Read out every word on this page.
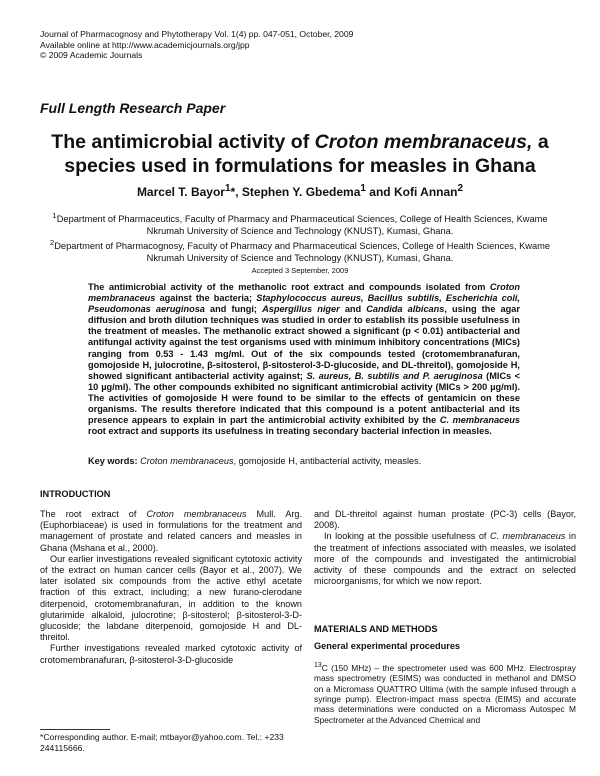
Journal of Pharmacognosy and Phytotherapy Vol. 1(4) pp. 047-051, October, 2009
Available online at http://www.academicjournals.org/jpp
© 2009 Academic Journals
Full Length Research Paper
The antimicrobial activity of Croton membranaceus, a species used in formulations for measles in Ghana
Marcel T. Bayor$^1$*, Stephen Y. Gbedema$^1$ and Kofi Annan$^2$

$^1$Department of Pharmaceutics, Faculty of Pharmacy and Pharmaceutical Sciences, College of Health Sciences, Kwame Nkrumah University of Science and Technology (KNUST), Kumasi, Ghana.

$^2$Department of Pharmacognosy, Faculty of Pharmacy and Pharmaceutical Sciences, College of Health Sciences, Kwame Nkrumah University of Science and Technology (KNUST), Kumasi, Ghana.

Accepted 3 September, 2009
The antimicrobial activity of the methanolic root extract and compounds isolated from Croton membranaceus against the bacteria; Staphylococcus aureus, Bacillus subtilis, Escherichia coli, Pseudomonas aeruginosa and fungi; Aspergillus niger and Candida albicans, using the agar diffusion and broth dilution techniques was studied in order to establish its possible usefulness in the treatment of measles. The methanolic extract showed a significant (p < 0.01) antibacterial and antifungal activity against the test organisms used with minimum inhibitory concentrations (MICs) ranging from 0.53 - 1.43 mg/ml. Out of the six compounds tested (crotomembranafuran, gomojoside H, julocrotine, β-sitosterol, β-sitosterol-3-D-glucoside, and DL-threitol), gomojoside H, showed significant antibacterial activity against; S. aureus, B. subtilis and P. aeruginosa (MICs < 10 µg/ml). The other compounds exhibited no significant antimicrobial activity (MICs > 200 µg/ml). The activities of gomojoside H were found to be similar to the effects of gentamicin on these organisms. The results therefore indicated that this compound is a potent antibacterial and its presence appears to explain in part the antimicrobial activity exhibited by the C. membranaceus root extract and supports its usefulness in treating secondary bacterial infection in measles.
Key words: Croton membranaceus, gomojoside H, antibacterial activity, measles.
INTRODUCTION

The root extract of Croton membranaceus Mull. Arg. (Euphorbiaceae) is used in formulations for the treatment and management of prostate and related cancers and measles in Ghana (Mshana et al., 2000).

Our earlier investigations revealed significant cytotoxic activity of the extract on human cancer cells (Bayor et al., 2007). We later isolated six compounds from the active ethyl acetate fraction of this extract, including; a new furano-clerodane diterpenoid, crotomembranafuran, in addition to the known glutarimide alkaloid, julocrotine; β-sitosterol; β-sitosterol-3-D-glucoside; the labdane diterpenoid, gomojoside H and DL-threitol.

Further investigations revealed marked cytotoxic activity of crotomembranafuran, β-sitosterol-3-D-glucoside

*Corresponding author. E-mail; mtbayor@yahoo.com. Tel.: +233 244115666.

and DL-threitol against human prostate (PC-3) cells (Bayor, 2008).

In looking at the possible usefulness of C. membranaceus in the treatment of infections associated with measles, we isolated more of the compounds and investigated the antimicrobial activity of these compounds and the extract on selected microorganisms, for which we now report.

MATERIALS AND METHODS
General experimental procedures
$^{13}$C (150 MHz) – the spectrometer used was 600 MHz. Electrospray mass spectrometry (ESIMS) was conducted in methanol and DMSO on a Micromass QUATTRO Ultima (with the sample infused through a syringe pump). Electron-impact mass spectra (EIMS) and accurate mass determinations were conducted on a Micromass Autospec M Spectrometer at the Advanced Chemical and
